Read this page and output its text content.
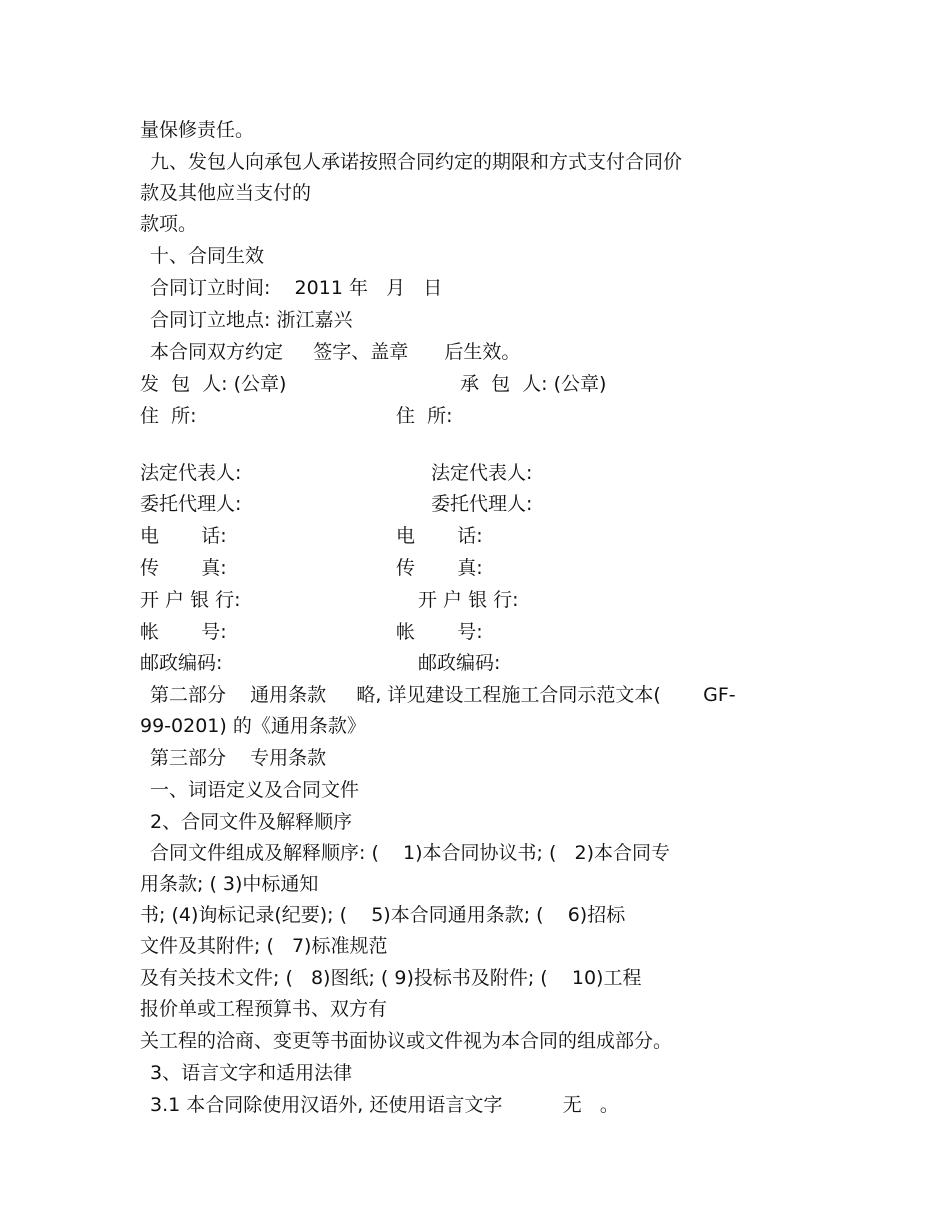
量保修责任。

九、发包人向承包人承诺按照合同约定的期限和方式支付合同价

款及其他应当支付的

款项。

十、合同生效

合同订立时间:    2011 年   月   日

合同订立地点: 浙江嘉兴

本合同双方约定     签字、盖章      后生效。

发  包  人: (公章)	承  包  人: (公章)

住  所:	住  所:

法定代表人:	法定代表人:

委托代理人:	委托代理人:

电       话:	电       话:

传       真:	传       真:

开 户 银 行:	开 户 银 行:

帐       号:	帐       号:

邮政编码:	邮政编码:

第二部分    通用条款     略, 详见建设工程施工合同示范文本(       GF-

99-0201) 的《通用条款》

第三部分    专用条款

一、词语定义及合同文件

2、合同文件及解释顺序

合同文件组成及解释顺序: (    1)本合同协议书; (   2)本合同专

用条款; ( 3)中标通知

书; (4)询标记录(纪要); (    5)本合同通用条款; (    6)招标

文件及其附件; (   7)标准规范

及有关技术文件; (   8)图纸; ( 9)投标书及附件; (    10)工程

报价单或工程预算书、双方有

关工程的洽商、变更等书面协议或文件视为本合同的组成部分。

3、语言文字和适用法律

3.1 本合同除使用汉语外, 还使用语言文字          无   。
